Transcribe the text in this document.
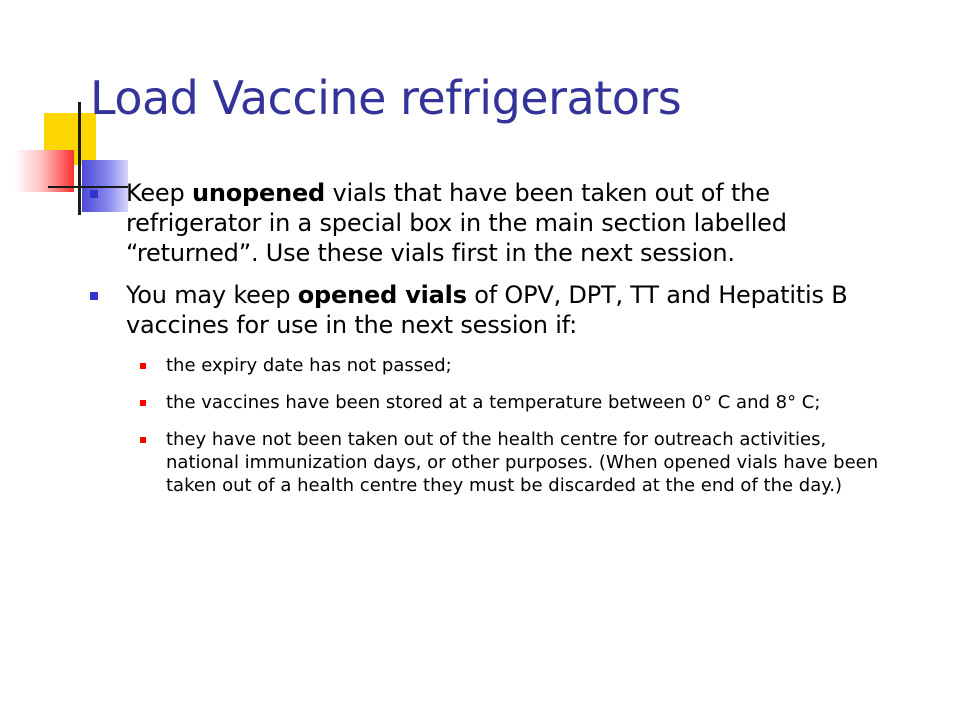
Load Vaccine refrigerators
Keep unopened vials that have been taken out of the refrigerator in a special box in the main section labelled “returned”. Use these vials first in the next session.
You may keep opened vials of OPV, DPT, TT and Hepatitis B vaccines for use in the next session if:
the expiry date has not passed;
the vaccines have been stored at a temperature between 0° C and 8° C;
they have not been taken out of the health centre for outreach activities, national immunization days, or other purposes. (When opened vials have been taken out of a health centre they must be discarded at the end of the day.)
